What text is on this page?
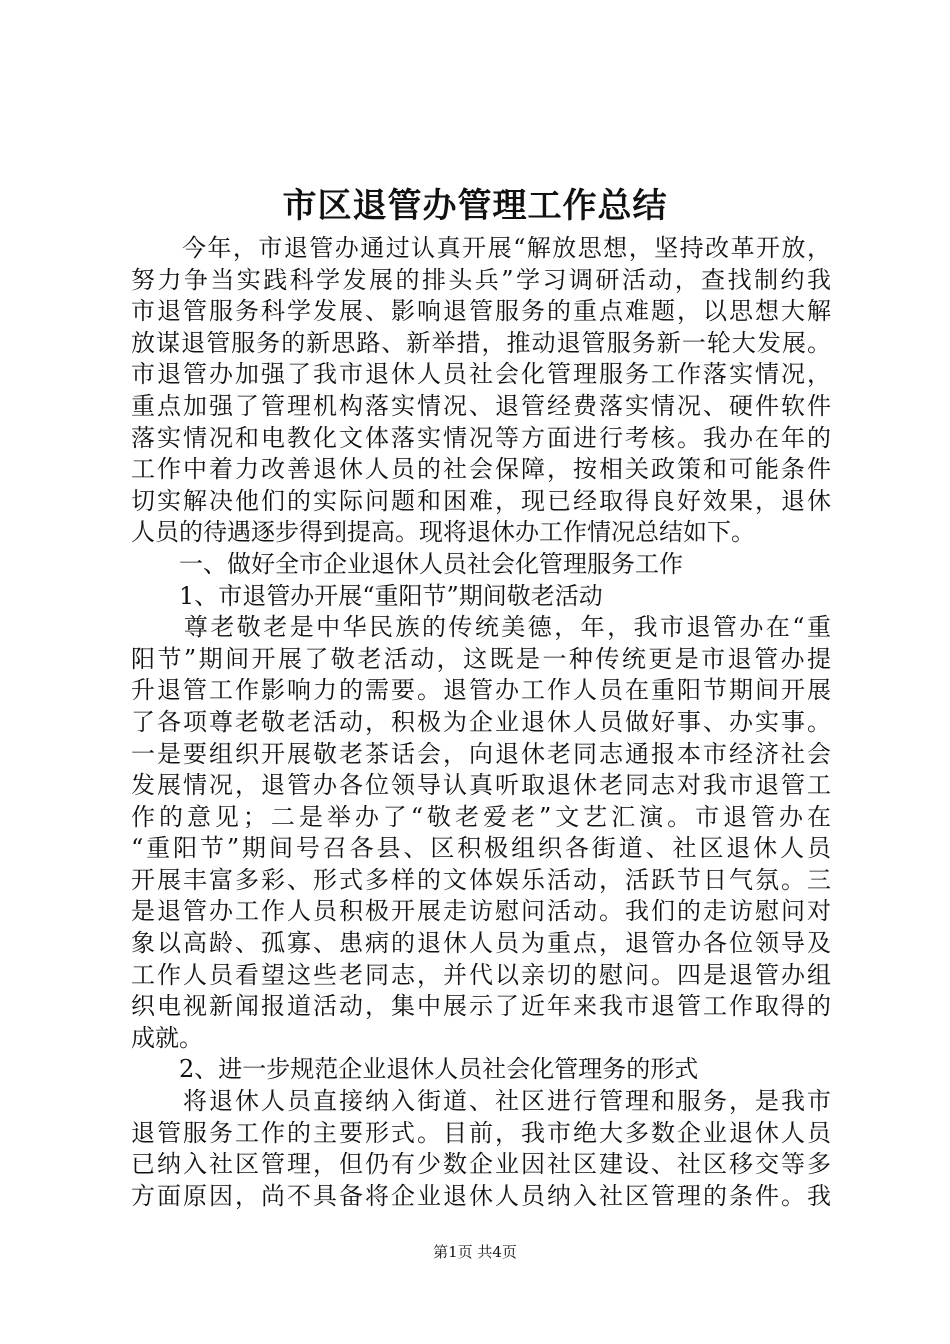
市区退管办管理工作总结
　　今年，市退管办通过认真开展“解放思想，坚持改革开放，
努力争当实践科学发展的排头兵”学习调研活动，查找制约我
市退管服务科学发展、影响退管服务的重点难题，以思想大解
放谋退管服务的新思路、新举措，推动退管服务新一轮大发展。
市退管办加强了我市退休人员社会化管理服务工作落实情况，
重点加强了管理机构落实情况、退管经费落实情况、硬件软件
落实情况和电教化文体落实情况等方面进行考核。我办在年的
工作中着力改善退休人员的社会保障，按相关政策和可能条件
切实解决他们的实际问题和困难，现已经取得良好效果，退休
人员的待遇逐步得到提高。现将退休办工作情况总结如下。
　　一、做好全市企业退休人员社会化管理服务工作
　　1、市退管办开展“重阳节”期间敬老活动
　　尊老敬老是中华民族的传统美德，年，我市退管办在“重
阳节”期间开展了敬老活动，这既是一种传统更是市退管办提
升退管工作影响力的需要。退管办工作人员在重阳节期间开展
了各项尊老敬老活动，积极为企业退休人员做好事、办实事。
一是要组织开展敬老茶话会，向退休老同志通报本市经济社会
发展情况，退管办各位领导认真听取退休老同志对我市退管工
作的意见；二是举办了“敬老爱老”文艺汇演。市退管办在
“重阳节”期间号召各县、区积极组织各街道、社区退休人员
开展丰富多彩、形式多样的文体娱乐活动，活跃节日气氛。三
是退管办工作人员积极开展走访慰问活动。我们的走访慰问对
象以高龄、孤寡、患病的退休人员为重点，退管办各位领导及
工作人员看望这些老同志，并代以亲切的慰问。四是退管办组
织电视新闻报道活动，集中展示了近年来我市退管工作取得的
成就。
　　2、进一步规范企业退休人员社会化管理务的形式
　　将退休人员直接纳入街道、社区进行管理和服务，是我市
退管服务工作的主要形式。目前，我市绝大多数企业退休人员
已纳入社区管理，但仍有少数企业因社区建设、社区移交等多
方面原因，尚不具备将企业退休人员纳入社区管理的条件。我
第1页 共4页
